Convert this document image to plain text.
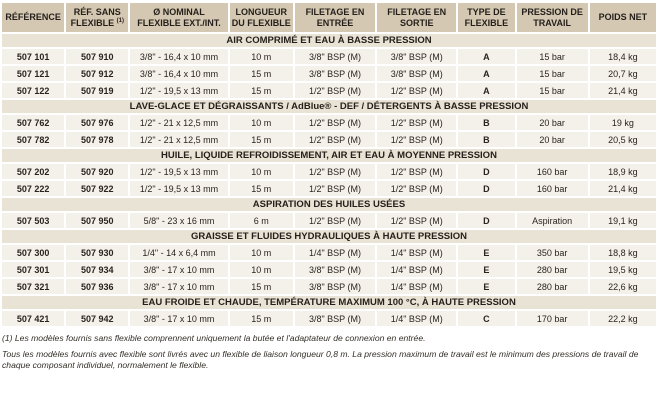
RÉFÉRENCE	RÉF. SANS FLEXIBLE $^{(1)}$	Ø NOMINAL FLEXIBLE EXT./INT.	LONGUEUR DU FLEXIBLE	FILETAGE EN ENTRÉE	FILETAGE EN SORTIE	TYPE DE FLEXIBLE	PRESSION DE TRAVAIL	POIDS NET
AIR COMPRIMÉ ET EAU À BASSE PRESSION								
507 101	507 910	3/8" - 16,4 x 10 mm	10 m	3/8" BSP (M)	3/8" BSP (M)	A	15 bar	18,4 kg
507 121	507 912	3/8" - 16,4 x 10 mm	15 m	3/8" BSP (M)	3/8" BSP (M)	A	15 bar	20,7 kg
507 122	507 919	1/2" - 19,5 x 13 mm	15 m	1/2" BSP (M)	1/2" BSP (M)	A	15 bar	21,4 kg
LAVE-GLACE ET DÉGRAISSANTS / AdBlue® - DEF / DÉTERGENTS À BASSE PRESSION								
507 762	507 976	1/2" - 21 x 12,5 mm	10 m	1/2" BSP (M)	1/2" BSP (M)	B	20 bar	19 kg
507 782	507 978	1/2" - 21 x 12,5 mm	15 m	1/2" BSP (M)	1/2" BSP (M)	B	20 bar	20,5 kg
HUILE, LIQUIDE REFROIDISSEMENT, AIR ET EAU À MOYENNE PRESSION								
507 202	507 920	1/2" - 19,5 x 13 mm	10 m	1/2" BSP (M)	1/2" BSP (M)	D	160 bar	18,9 kg
507 222	507 922	1/2" - 19,5 x 13 mm	15 m	1/2" BSP (M)	1/2" BSP (M)	D	160 bar	21,4 kg
ASPIRATION DES HUILES USÉES								
507 503	507 950	5/8" - 23 x 16 mm	6 m	1/2" BSP (M)	1/2" BSP (M)	D	Aspiration	19,1 kg
GRAISSE ET FLUIDES HYDRAULIQUES À HAUTE PRESSION								
507 300	507 930	1/4" - 14 x 6,4 mm	10 m	1/4" BSP (M)	1/4" BSP (M)	E	350 bar	18,8 kg
507 301	507 934	3/8" - 17 x 10 mm	10 m	3/8" BSP (M)	1/4" BSP (M)	E	280 bar	19,5 kg
507 321	507 936	3/8" - 17 x 10 mm	15 m	3/8" BSP (M)	1/4" BSP (M)	E	280 bar	22,6 kg
EAU FROIDE ET CHAUDE, TEMPÉRATURE MAXIMUM 100 °C, À HAUTE PRESSION								
507 421	507 942	3/8" - 17 x 10 mm	15 m	3/8" BSP (M)	1/4" BSP (M)	C	170 bar	22,2 kg

(1) Les modèles fournis sans flexible comprennent uniquement la butée et l'adaptateur de connexion en entrée.

Tous les modèles fournis avec flexible sont livrés avec un flexible de liaison longueur 0,8 m. La pression maximum de travail est le minimum des pressions de travail de chaque composant individuel, normalement le flexible.
